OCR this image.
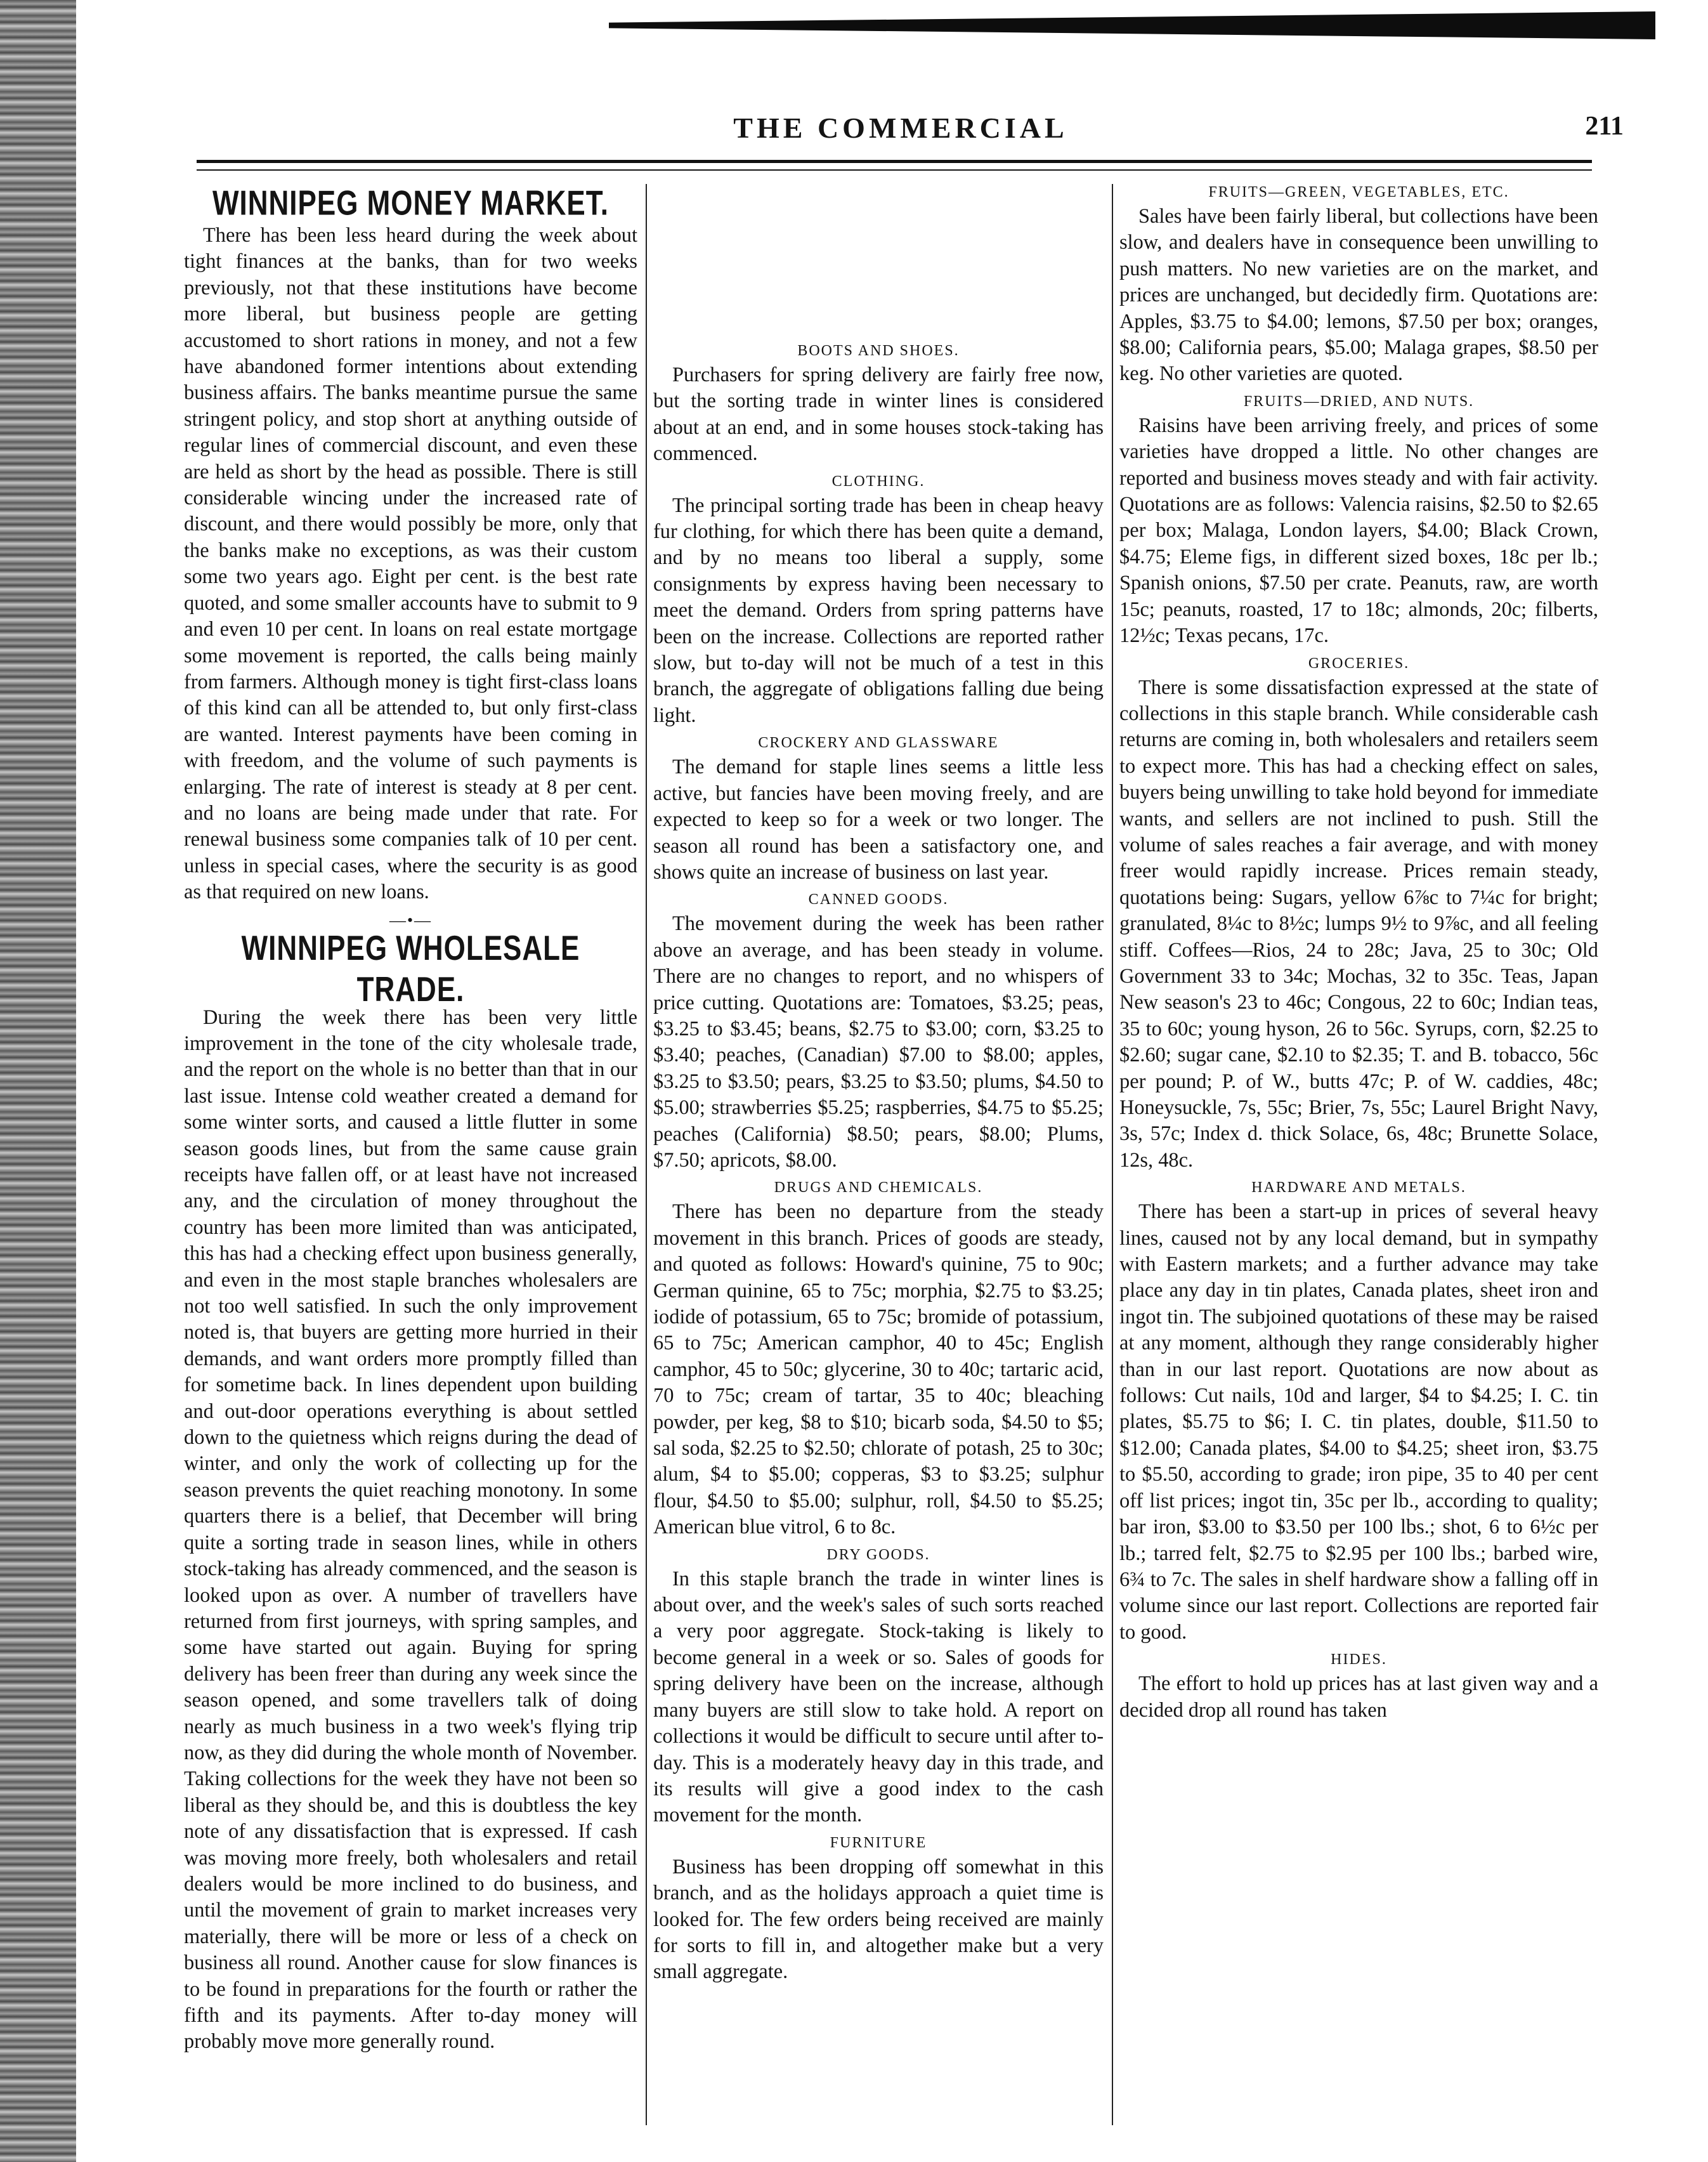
THE COMMERCIAL	211
WINNIPEG MONEY MARKET.

There has been less heard during the week about tight finances at the banks, than for two weeks previously, not that these institutions have become more liberal, but business people are getting accustomed to short rations in money, and not a few have abandoned former intentions about extending business affairs. The banks meantime pursue the same stringent policy, and stop short at anything outside of regular lines of commercial discount, and even these are held as short by the head as possible. There is still considerable wincing under the increased rate of discount, and there would possibly be more, only that the banks make no exceptions, as was their custom some two years ago. Eight per cent. is the best rate quoted, and some smaller accounts have to submit to 9 and even 10 per cent. In loans on real estate mortgage some movement is reported, the calls being mainly from farmers. Although money is tight first-class loans of this kind can all be attended to, but only first-class are wanted. Interest payments have been coming in with freedom, and the volume of such payments is enlarging. The rate of interest is steady at 8 per cent. and no loans are being made under that rate. For renewal business some companies talk of 10 per cent. unless in special cases, where the security is as good as that required on new loans.

—•—
WINNIPEG WHOLESALE TRADE.

During the week there has been very little improvement in the tone of the city wholesale trade, and the report on the whole is no better than that in our last issue. Intense cold weather created a demand for some winter sorts, and caused a little flutter in some season goods lines, but from the same cause grain receipts have fallen off, or at least have not increased any, and the circulation of money throughout the country has been more limited than was anticipated, this has had a checking effect upon business generally, and even in the most staple branches wholesalers are not too well satisfied. In such the only improvement noted is, that buyers are getting more hurried in their demands, and want orders more promptly filled than for sometime back. In lines dependent upon building and out-door operations everything is about settled down to the quietness which reigns during the dead of winter, and only the work of collecting up for the season prevents the quiet reaching monotony. In some quarters there is a belief, that December will bring quite a sorting trade in season lines, while in others stock-taking has already commenced, and the season is looked upon as over. A number of travellers have returned from first journeys, with spring samples, and some have started out again. Buying for spring delivery has been freer than during any week since the season opened, and some travellers talk of doing nearly as much business in a two week's flying trip now, as they did during the whole month of November. Taking collections for the week they have not been so liberal as they should be, and this is doubtless the key note of any dissatisfaction that is expressed. If cash was moving more freely, both wholesalers and retail dealers would be more inclined to do business, and until the movement of grain to market increases very materially, there will be more or less of a check on business all round. Another cause for slow finances is to be found in preparations for the fourth or rather the fifth and its payments. After to-day money will probably move more generally round.

BOOTS AND SHOES.

Purchasers for spring delivery are fairly free now, but the sorting trade in winter lines is considered about at an end, and in some houses stock-taking has commenced.

CLOTHING.

The principal sorting trade has been in cheap heavy fur clothing, for which there has been quite a demand, and by no means too liberal a supply, some consignments by express having been necessary to meet the demand. Orders from spring patterns have been on the increase. Collections are reported rather slow, but to-day will not be much of a test in this branch, the aggregate of obligations falling due being light.

CROCKERY AND GLASSWARE

The demand for staple lines seems a little less active, but fancies have been moving freely, and are expected to keep so for a week or two longer. The season all round has been a satisfactory one, and shows quite an increase of business on last year.

CANNED GOODS.

The movement during the week has been rather above an average, and has been steady in volume. There are no changes to report, and no whispers of price cutting. Quotations are: Tomatoes, $3.25; peas, $3.25 to $3.45; beans, $2.75 to $3.00; corn, $3.25 to $3.40; peaches, (Canadian) $7.00 to $8.00; apples, $3.25 to $3.50; pears, $3.25 to $3.50; plums, $4.50 to $5.00; strawberries $5.25; raspberries, $4.75 to $5.25; peaches (California) $8.50; pears, $8.00; Plums, $7.50; apricots, $8.00.

DRUGS AND CHEMICALS.

There has been no departure from the steady movement in this branch. Prices of goods are steady, and quoted as follows: Howard's quinine, 75 to 90c; German quinine, 65 to 75c; morphia, $2.75 to $3.25; iodide of potassium, 65 to 75c; bromide of potassium, 65 to 75c; American camphor, 40 to 45c; English camphor, 45 to 50c; glycerine, 30 to 40c; tartaric acid, 70 to 75c; cream of tartar, 35 to 40c; bleaching powder, per keg, $8 to $10; bicarb soda, $4.50 to $5; sal soda, $2.25 to $2.50; chlorate of potash, 25 to 30c; alum, $4 to $5.00; copperas, $3 to $3.25; sulphur flour, $4.50 to $5.00; sulphur, roll, $4.50 to $5.25; American blue vitrol, 6 to 8c.

DRY GOODS.

In this staple branch the trade in winter lines is about over, and the week's sales of such sorts reached a very poor aggregate. Stock-taking is likely to become general in a week or so. Sales of goods for spring delivery have been on the increase, although many buyers are still slow to take hold. A report on collections it would be difficult to secure until after to-day. This is a moderately heavy day in this trade, and its results will give a good index to the cash movement for the month.

FURNITURE

Business has been dropping off somewhat in this branch, and as the holidays approach a quiet time is looked for. The few orders being received are mainly for sorts to fill in, and altogether make but a very small aggregate.

FRUITS—GREEN, VEGETABLES, ETC.

Sales have been fairly liberal, but collections have been slow, and dealers have in consequence been unwilling to push matters. No new varieties are on the market, and prices are unchanged, but decidedly firm. Quotations are: Apples, $3.75 to $4.00; lemons, $7.50 per box; oranges, $8.00; California pears, $5.00; Malaga grapes, $8.50 per keg. No other varieties are quoted.

FRUITS—DRIED, AND NUTS.

Raisins have been arriving freely, and prices of some varieties have dropped a little. No other changes are reported and business moves steady and with fair activity. Quotations are as follows: Valencia raisins, $2.50 to $2.65 per box; Malaga, London layers, $4.00; Black Crown, $4.75; Eleme figs, in different sized boxes, 18c per lb.; Spanish onions, $7.50 per crate. Peanuts, raw, are worth 15c; peanuts, roasted, 17 to 18c; almonds, 20c; filberts, 12½c; Texas pecans, 17c.

GROCERIES.

There is some dissatisfaction expressed at the state of collections in this staple branch. While considerable cash returns are coming in, both wholesalers and retailers seem to expect more. This has had a checking effect on sales, buyers being unwilling to take hold beyond for immediate wants, and sellers are not inclined to push. Still the volume of sales reaches a fair average, and with money freer would rapidly increase. Prices remain steady, quotations being: Sugars, yellow 6⅞c to 7¼c for bright; granulated, 8¼c to 8½c; lumps 9½ to 9⅞c, and all feeling stiff. Coffees—Rios, 24 to 28c; Java, 25 to 30c; Old Government 33 to 34c; Mochas, 32 to 35c. Teas, Japan New season's 23 to 46c; Congous, 22 to 60c; Indian teas, 35 to 60c; young hyson, 26 to 56c. Syrups, corn, $2.25 to $2.60; sugar cane, $2.10 to $2.35; T. and B. tobacco, 56c per pound; P. of W., butts 47c; P. of W. caddies, 48c; Honeysuckle, 7s, 55c; Brier, 7s, 55c; Laurel Bright Navy, 3s, 57c; Index d. thick Solace, 6s, 48c; Brunette Solace, 12s, 48c.

HARDWARE AND METALS.

There has been a start-up in prices of several heavy lines, caused not by any local demand, but in sympathy with Eastern markets; and a further advance may take place any day in tin plates, Canada plates, sheet iron and ingot tin. The subjoined quotations of these may be raised at any moment, although they range considerably higher than in our last report. Quotations are now about as follows: Cut nails, 10d and larger, $4 to $4.25; I. C. tin plates, $5.75 to $6; I. C. tin plates, double, $11.50 to $12.00; Canada plates, $4.00 to $4.25; sheet iron, $3.75 to $5.50, according to grade; iron pipe, 35 to 40 per cent off list prices; ingot tin, 35c per lb., according to quality; bar iron, $3.00 to $3.50 per 100 lbs.; shot, 6 to 6½c per lb.; tarred felt, $2.75 to $2.95 per 100 lbs.; barbed wire, 6¾ to 7c. The sales in shelf hardware show a falling off in volume since our last report. Collections are reported fair to good.

HIDES.

The effort to hold up prices has at last given way and a decided drop all round has taken
